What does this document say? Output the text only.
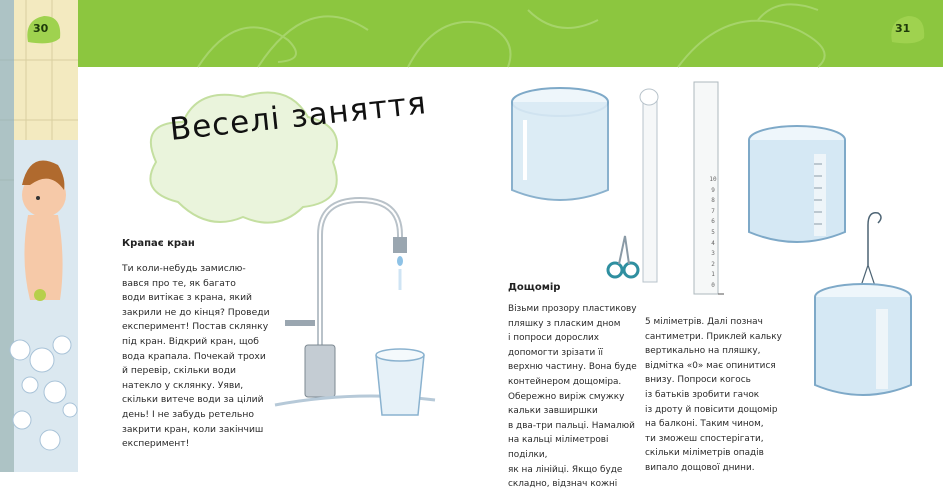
30	31
Веселі заняття
Крапає кран
Ти коли-небудь замислю-
вався про те, як багато
води витікає з крана, який
закрили не до кінця? Проведи
експеримент! Постав склянку
під кран. Відкрий кран, щоб
вода крапала. Почекай трохи
й перевір, скільки води
натекло у склянку. Уяви,
скільки витече води за цілий
день! І не забудь ретельно
закрити кран, коли закінчиш
експеримент!
10
9
8
7
6
5
4
3
2
1
0
Дощомір
Візьми прозору пластикову
пляшку з пласким дном
і попроси дорослих
допомогти зрізати її
верхню частину. Вона буде
контейнером дощоміра.
Обережно виріж смужку
кальки завширшки
в два-три пальці. Намалюй
на кальці міліметрові поділки,
як на лінійці. Якщо буде
складно, відзнач кожні
5 міліметрів. Далі познач
сантиметри. Приклей кальку
вертикально на пляшку,
відмітка «0» має опинитися
внизу. Попроси когось
із батьків зробити гачок
із дроту й повісити дощомір
на балконі. Таким чином,
ти зможеш спостерігати,
скільки міліметрів опадів
випало дощової днини.
